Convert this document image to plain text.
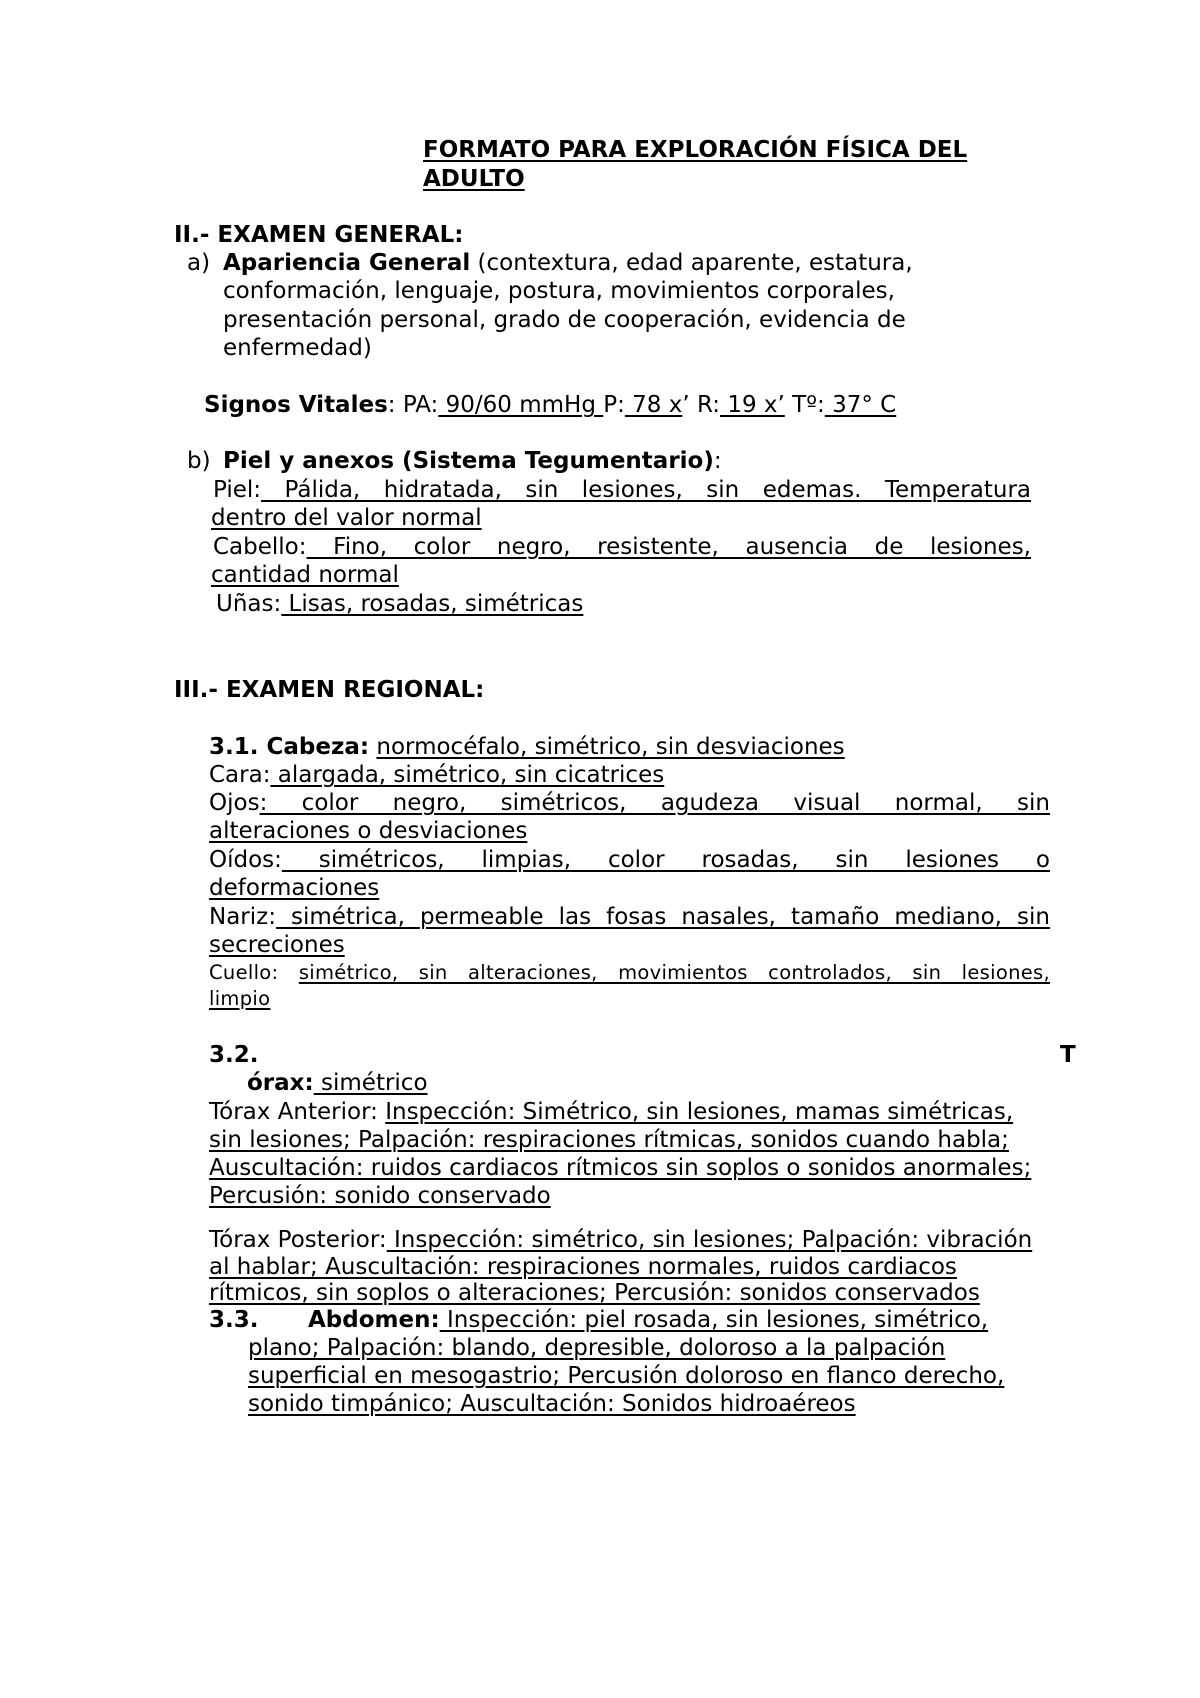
FORMATO PARA EXPLORACIÓN FÍSICA DEL
ADULTO
II.- EXAMEN GENERAL:
a) Apariencia General (contextura, edad aparente, estatura,
conformación, lenguaje, postura, movimientos corporales,
presentación personal, grado de cooperación, evidencia de
enfermedad)
Signos Vitales: PA: 90/60 mmHg P: 78 x’ R: 19 x’ Tº: 37° C
b) Piel y anexos (Sistema Tegumentario):
Piel: Pálida, hidratada, sin lesiones, sin edemas. Temperatura
dentro del valor normal
Cabello: Fino, color negro, resistente, ausencia de lesiones,
cantidad normal
Uñas: Lisas, rosadas, simétricas
III.- EXAMEN REGIONAL:
3.1. Cabeza: normocéfalo, simétrico, sin desviaciones
Cara: alargada, simétrico, sin cicatrices
Ojos: color negro, simétricos, agudeza visual normal, sin
alteraciones o desviaciones
Oídos: simétricos, limpias, color rosadas, sin lesiones o
deformaciones
Nariz: simétrica, permeable las fosas nasales, tamaño mediano, sin
secreciones
Cuello: simétrico, sin alteraciones, movimientos controlados, sin lesiones,
limpio
3.2.	T
órax: simétrico
Tórax Anterior: Inspección: Simétrico, sin lesiones, mamas simétricas,
sin lesiones; Palpación: respiraciones rítmicas, sonidos cuando habla;
Auscultación: ruidos cardiacos rítmicos sin soplos o sonidos anormales;
Percusión: sonido conservado
Tórax Posterior: Inspección: simétrico, sin lesiones; Palpación: vibración
al hablar; Auscultación: respiraciones normales, ruidos cardiacos
rítmicos, sin soplos o alteraciones; Percusión: sonidos conservados
3.3. Abdomen: Inspección: piel rosada, sin lesiones, simétrico,
plano; Palpación: blando, depresible, doloroso a la palpación
superficial en mesogastrio; Percusión doloroso en flanco derecho,
sonido timpánico; Auscultación: Sonidos hidroaéreos
